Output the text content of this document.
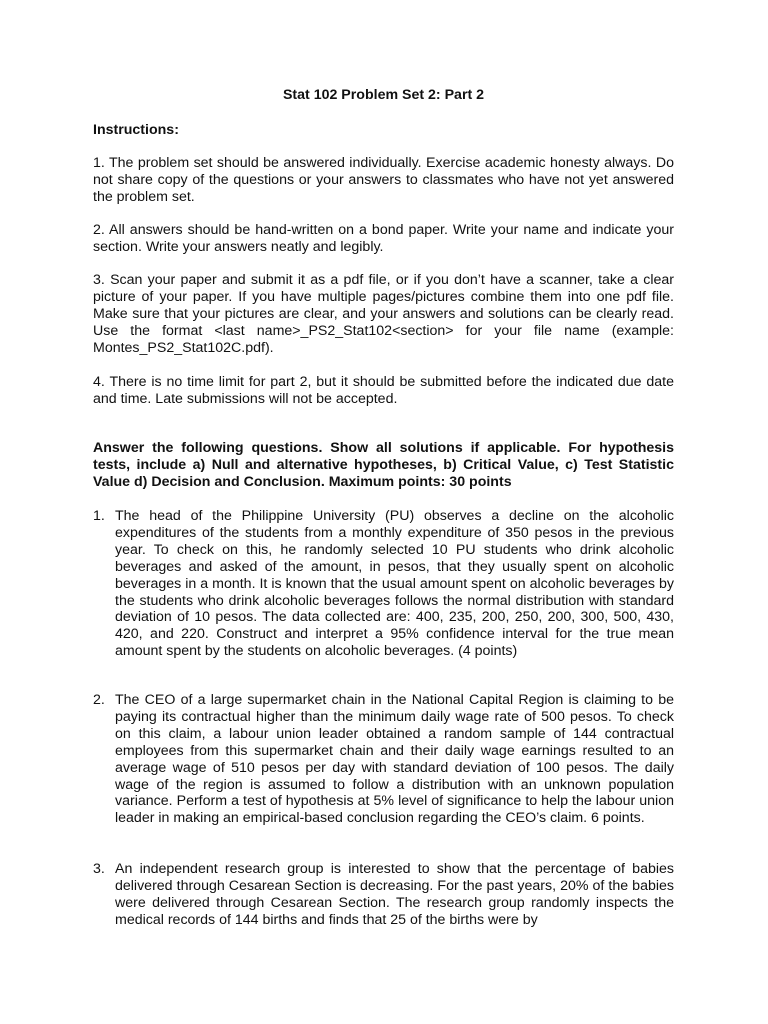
Stat 102 Problem Set 2: Part 2
Instructions:

1. The problem set should be answered individually. Exercise academic honesty always. Do not share copy of the questions or your answers to classmates who have not yet answered the problem set.

2. All answers should be hand-written on a bond paper. Write your name and indicate your section. Write your answers neatly and legibly.

3. Scan your paper and submit it as a pdf file, or if you don’t have a scanner, take a clear picture of your paper. If you have multiple pages/pictures combine them into one pdf file. Make sure that your pictures are clear, and your answers and solutions can be clearly read. Use the format <last name>_PS2_Stat102<section> for your file name (example: Montes_PS2_Stat102C.pdf).

4. There is no time limit for part 2, but it should be submitted before the indicated due date and time. Late submissions will not be accepted.

Answer the following questions. Show all solutions if applicable. For hypothesis tests, include a) Null and alternative hypotheses, b) Critical Value, c) Test Statistic Value d) Decision and Conclusion. Maximum points: 30 points

1. The head of the Philippine University (PU) observes a decline on the alcoholic expenditures of the students from a monthly expenditure of 350 pesos in the previous year. To check on this, he randomly selected 10 PU students who drink alcoholic beverages and asked of the amount, in pesos, that they usually spent on alcoholic beverages in a month. It is known that the usual amount spent on alcoholic beverages by the students who drink alcoholic beverages follows the normal distribution with standard deviation of 10 pesos. The data collected are: 400, 235, 200, 250, 200, 300, 500, 430, 420, and 220. Construct and interpret a 95% confidence interval for the true mean amount spent by the students on alcoholic beverages. (4 points)
2. The CEO of a large supermarket chain in the National Capital Region is claiming to be paying its contractual higher than the minimum daily wage rate of 500 pesos. To check on this claim, a labour union leader obtained a random sample of 144 contractual employees from this supermarket chain and their daily wage earnings resulted to an average wage of 510 pesos per day with standard deviation of 100 pesos. The daily wage of the region is assumed to follow a distribution with an unknown population variance. Perform a test of hypothesis at 5% level of significance to help the labour union leader in making an empirical-based conclusion regarding the CEO’s claim. 6 points.
3. An independent research group is interested to show that the percentage of babies delivered through Cesarean Section is decreasing. For the past years, 20% of the babies were delivered through Cesarean Section. The research group randomly inspects the medical records of 144 births and finds that 25 of the births were by
